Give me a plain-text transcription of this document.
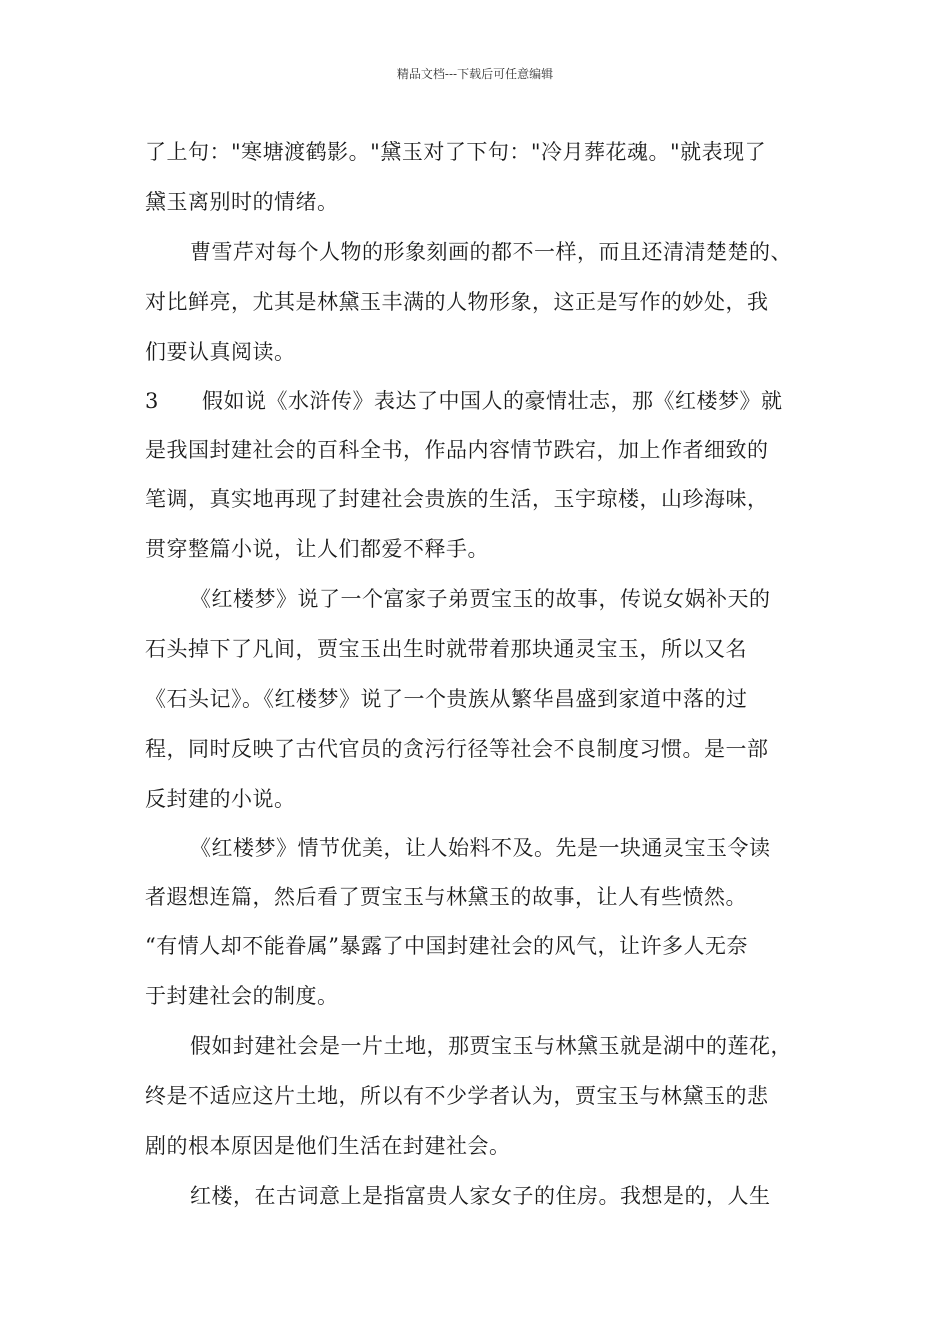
精品文档---下载后可任意编辑
了上句："寒塘渡鹤影。"黛玉对了下句："冷月葬花魂。"就表现了
黛玉离别时的情绪。
曹雪芹对每个人物的形象刻画的都不一样，而且还清清楚楚的、
对比鲜亮，尤其是林黛玉丰满的人物形象，这正是写作的妙处，我
们要认真阅读。
3 假如说《水浒传》表达了中国人的豪情壮志，那《红楼梦》就
是我国封建社会的百科全书，作品内容情节跌宕，加上作者细致的
笔调，真实地再现了封建社会贵族的生活，玉宇琼楼，山珍海味，
贯穿整篇小说，让人们都爱不释手。
《红楼梦》说了一个富家子弟贾宝玉的故事，传说女娲补天的
石头掉下了凡间，贾宝玉出生时就带着那块通灵宝玉，所以又名
《石头记》。《红楼梦》说了一个贵族从繁华昌盛到家道中落的过
程，同时反映了古代官员的贪污行径等社会不良制度习惯。是一部
反封建的小说。
《红楼梦》情节优美，让人始料不及。先是一块通灵宝玉令读
者遐想连篇，然后看了贾宝玉与林黛玉的故事，让人有些愤然。
“有情人却不能眷属”暴露了中国封建社会的风气，让许多人无奈
于封建社会的制度。
假如封建社会是一片土地，那贾宝玉与林黛玉就是湖中的莲花，
终是不适应这片土地，所以有不少学者认为，贾宝玉与林黛玉的悲
剧的根本原因是他们生活在封建社会。
红楼，在古词意上是指富贵人家女子的住房。我想是的，人生
